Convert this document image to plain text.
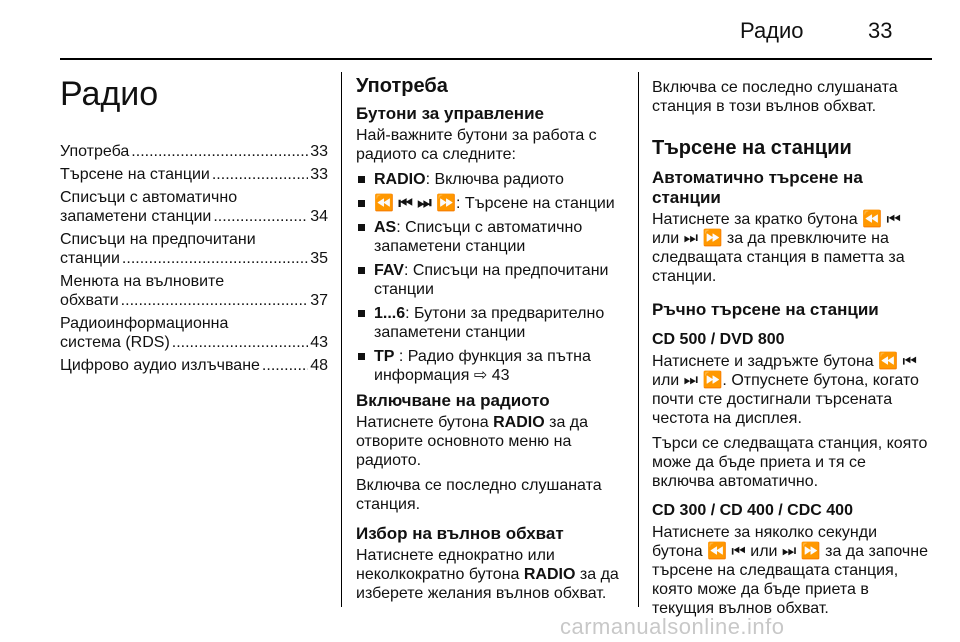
Радио	33
Радио
Употреба .....	33
Търсене на станции .....	33
Списъци с автоматично
запаметени станции .....	34
Списъци на предпочитани
станции .....	35
Менюта на вълновите
обхвати .....	37
Радиоинформационна
система (RDS) .....	43
Цифрово аудио излъчване .....	48
Употреба
Бутони за управление

Най-важните бутони за работа с радиото са следните:

RADIO: Включва радиото
⏪ ⏮ ⏭ ⏩: Търсене на станции
AS: Списъци с автоматично запаметени станции
FAV: Списъци на предпочитани станции
1...6: Бутони за предварително запаметени станции
TP : Радио функция за пътна информация ⇨ 43
Включване на радиото

Натиснете бутона RADIO за да отворите основното меню на радиото.

Включва се последно слушаната станция.

Избор на вълнов обхват

Натиснете еднократно или неколкократно бутона RADIO за да изберете желания вълнов обхват.

Включва се последно слушаната станция в този вълнов обхват.

Търсене на станции
Автоматично търсене на станции

Натиснете за кратко бутона ⏪ ⏮ или ⏭ ⏩ за да превключите на следващата станция в паметта за станции.

Ръчно търсене на станции
CD 500 / DVD 800

Натиснете и задръжте бутона ⏪ ⏮ или ⏭ ⏩. Отпуснете бутона, когато почти сте достигнали търсената честота на дисплея.

Търси се следващата станция, която може да бъде приета и тя се включва автоматично.

CD 300 / CD 400 / CDC 400

Натиснете за няколко секунди бутона ⏪ ⏮ или ⏭ ⏩ за да започне търсене на следващата станция, която може да бъде приета в текущия вълнов обхват.

carmanualsonline.info
